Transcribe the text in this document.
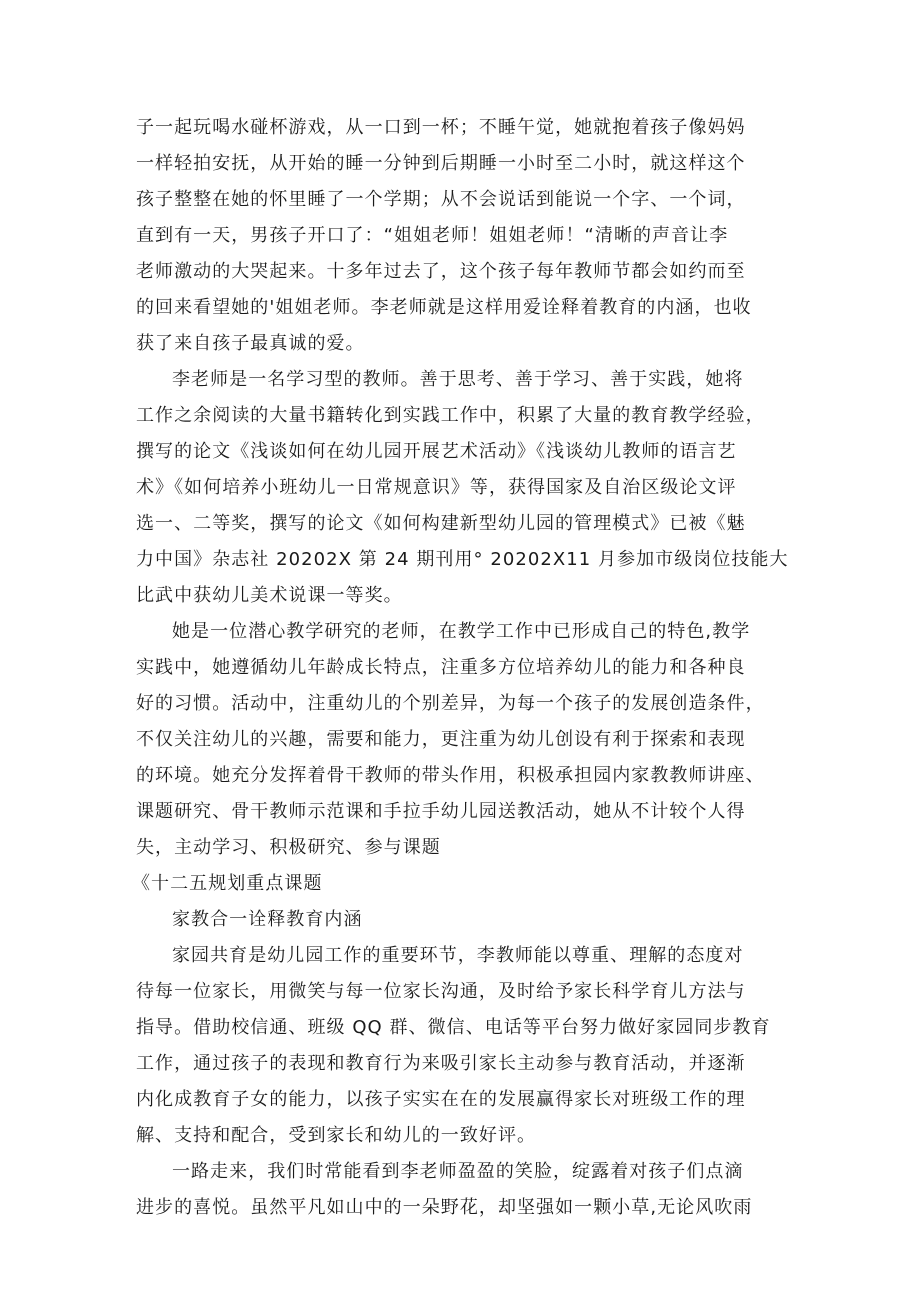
子一起玩喝水碰杯游戏，从一口到一杯；不睡午觉，她就抱着孩子像妈妈
一样轻拍安抚，从开始的睡一分钟到后期睡一小时至二小时，就这样这个
孩子整整在她的怀里睡了一个学期；从不会说话到能说一个字、一个词，
直到有一天，男孩子开口了：“姐姐老师！姐姐老师！“清晰的声音让李
老师激动的大哭起来。十多年过去了，这个孩子每年教师节都会如约而至
的回来看望她的'姐姐老师。李老师就是这样用爱诠释着教育的内涵，也收
获了来自孩子最真诚的爱。
李老师是一名学习型的教师。善于思考、善于学习、善于实践，她将
工作之余阅读的大量书籍转化到实践工作中，积累了大量的教育教学经验，
撰写的论文《浅谈如何在幼儿园开展艺术活动》《浅谈幼儿教师的语言艺
术》《如何培养小班幼儿一日常规意识》等，获得国家及自治区级论文评
选一、二等奖，撰写的论文《如何构建新型幼儿园的管理模式》已被《魅
力中国》杂志社 20202X 第 24 期刊用° 20202X11 月参加市级岗位技能大
比武中获幼儿美术说课一等奖。
她是一位潜心教学研究的老师，在教学工作中已形成自己的特色,教学
实践中，她遵循幼儿年龄成长特点，注重多方位培养幼儿的能力和各种良
好的习惯。活动中，注重幼儿的个别差异，为每一个孩子的发展创造条件，
不仅关注幼儿的兴趣，需要和能力，更注重为幼儿创设有利于探索和表现
的环境。她充分发挥着骨干教师的带头作用，积极承担园内家教教师讲座、
课题研究、骨干教师示范课和手拉手幼儿园送教活动，她从不计较个人得
失，主动学习、积极研究、参与课题
《十二五规划重点课题
家教合一诠释教育内涵
家园共育是幼儿园工作的重要环节，李教师能以尊重、理解的态度对
待每一位家长，用微笑与每一位家长沟通，及时给予家长科学育儿方法与
指导。借助校信通、班级 QQ 群、微信、电话等平台努力做好家园同步教育
工作，通过孩子的表现和教育行为来吸引家长主动参与教育活动，并逐渐
内化成教育子女的能力，以孩子实实在在的发展赢得家长对班级工作的理
解、支持和配合，受到家长和幼儿的一致好评。
一路走来，我们时常能看到李老师盈盈的笑脸，绽露着对孩子们点滴
进步的喜悦。虽然平凡如山中的一朵野花，却坚强如一颗小草,无论风吹雨
